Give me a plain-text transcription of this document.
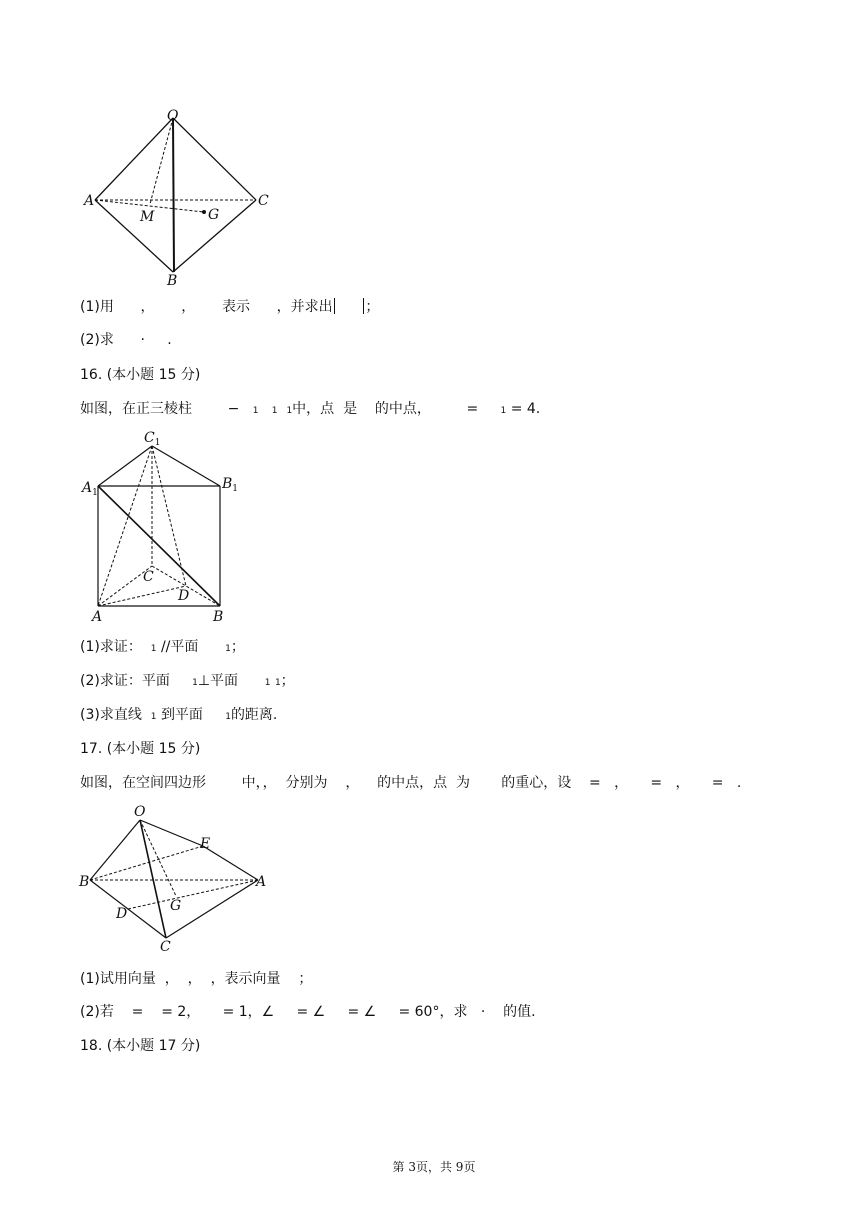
O
A	C
B
M	G
(1)用 ， ， 表示 ，并求出 ；
(2)求 · .
16. (本小题 15 分)
如图，在正三棱柱	− 1 1 1中，点 是 的中点，	= 1 = 4.
$C_1$
$A_1$
$B_1$
C
D
A	B
(1)求证： 1 //平面	1；
(2)求证：平面 1⊥平面	1 1；
(3)求直线 1 到平面 1的距离.
17. (本小题 15 分)
如图，在空间四边形	中，， 分别为 ， 的中点，点 为 的重心，设 = ， = ， = .
O
E
B	A
G
D
C
(1)试用向量 ， ， ，表示向量 ；
(2)若 = = 2， = 1，∠ = ∠ = ∠ = 60°，求 · 的值.
18. (本小题 17 分)
第 3页，共 9页
